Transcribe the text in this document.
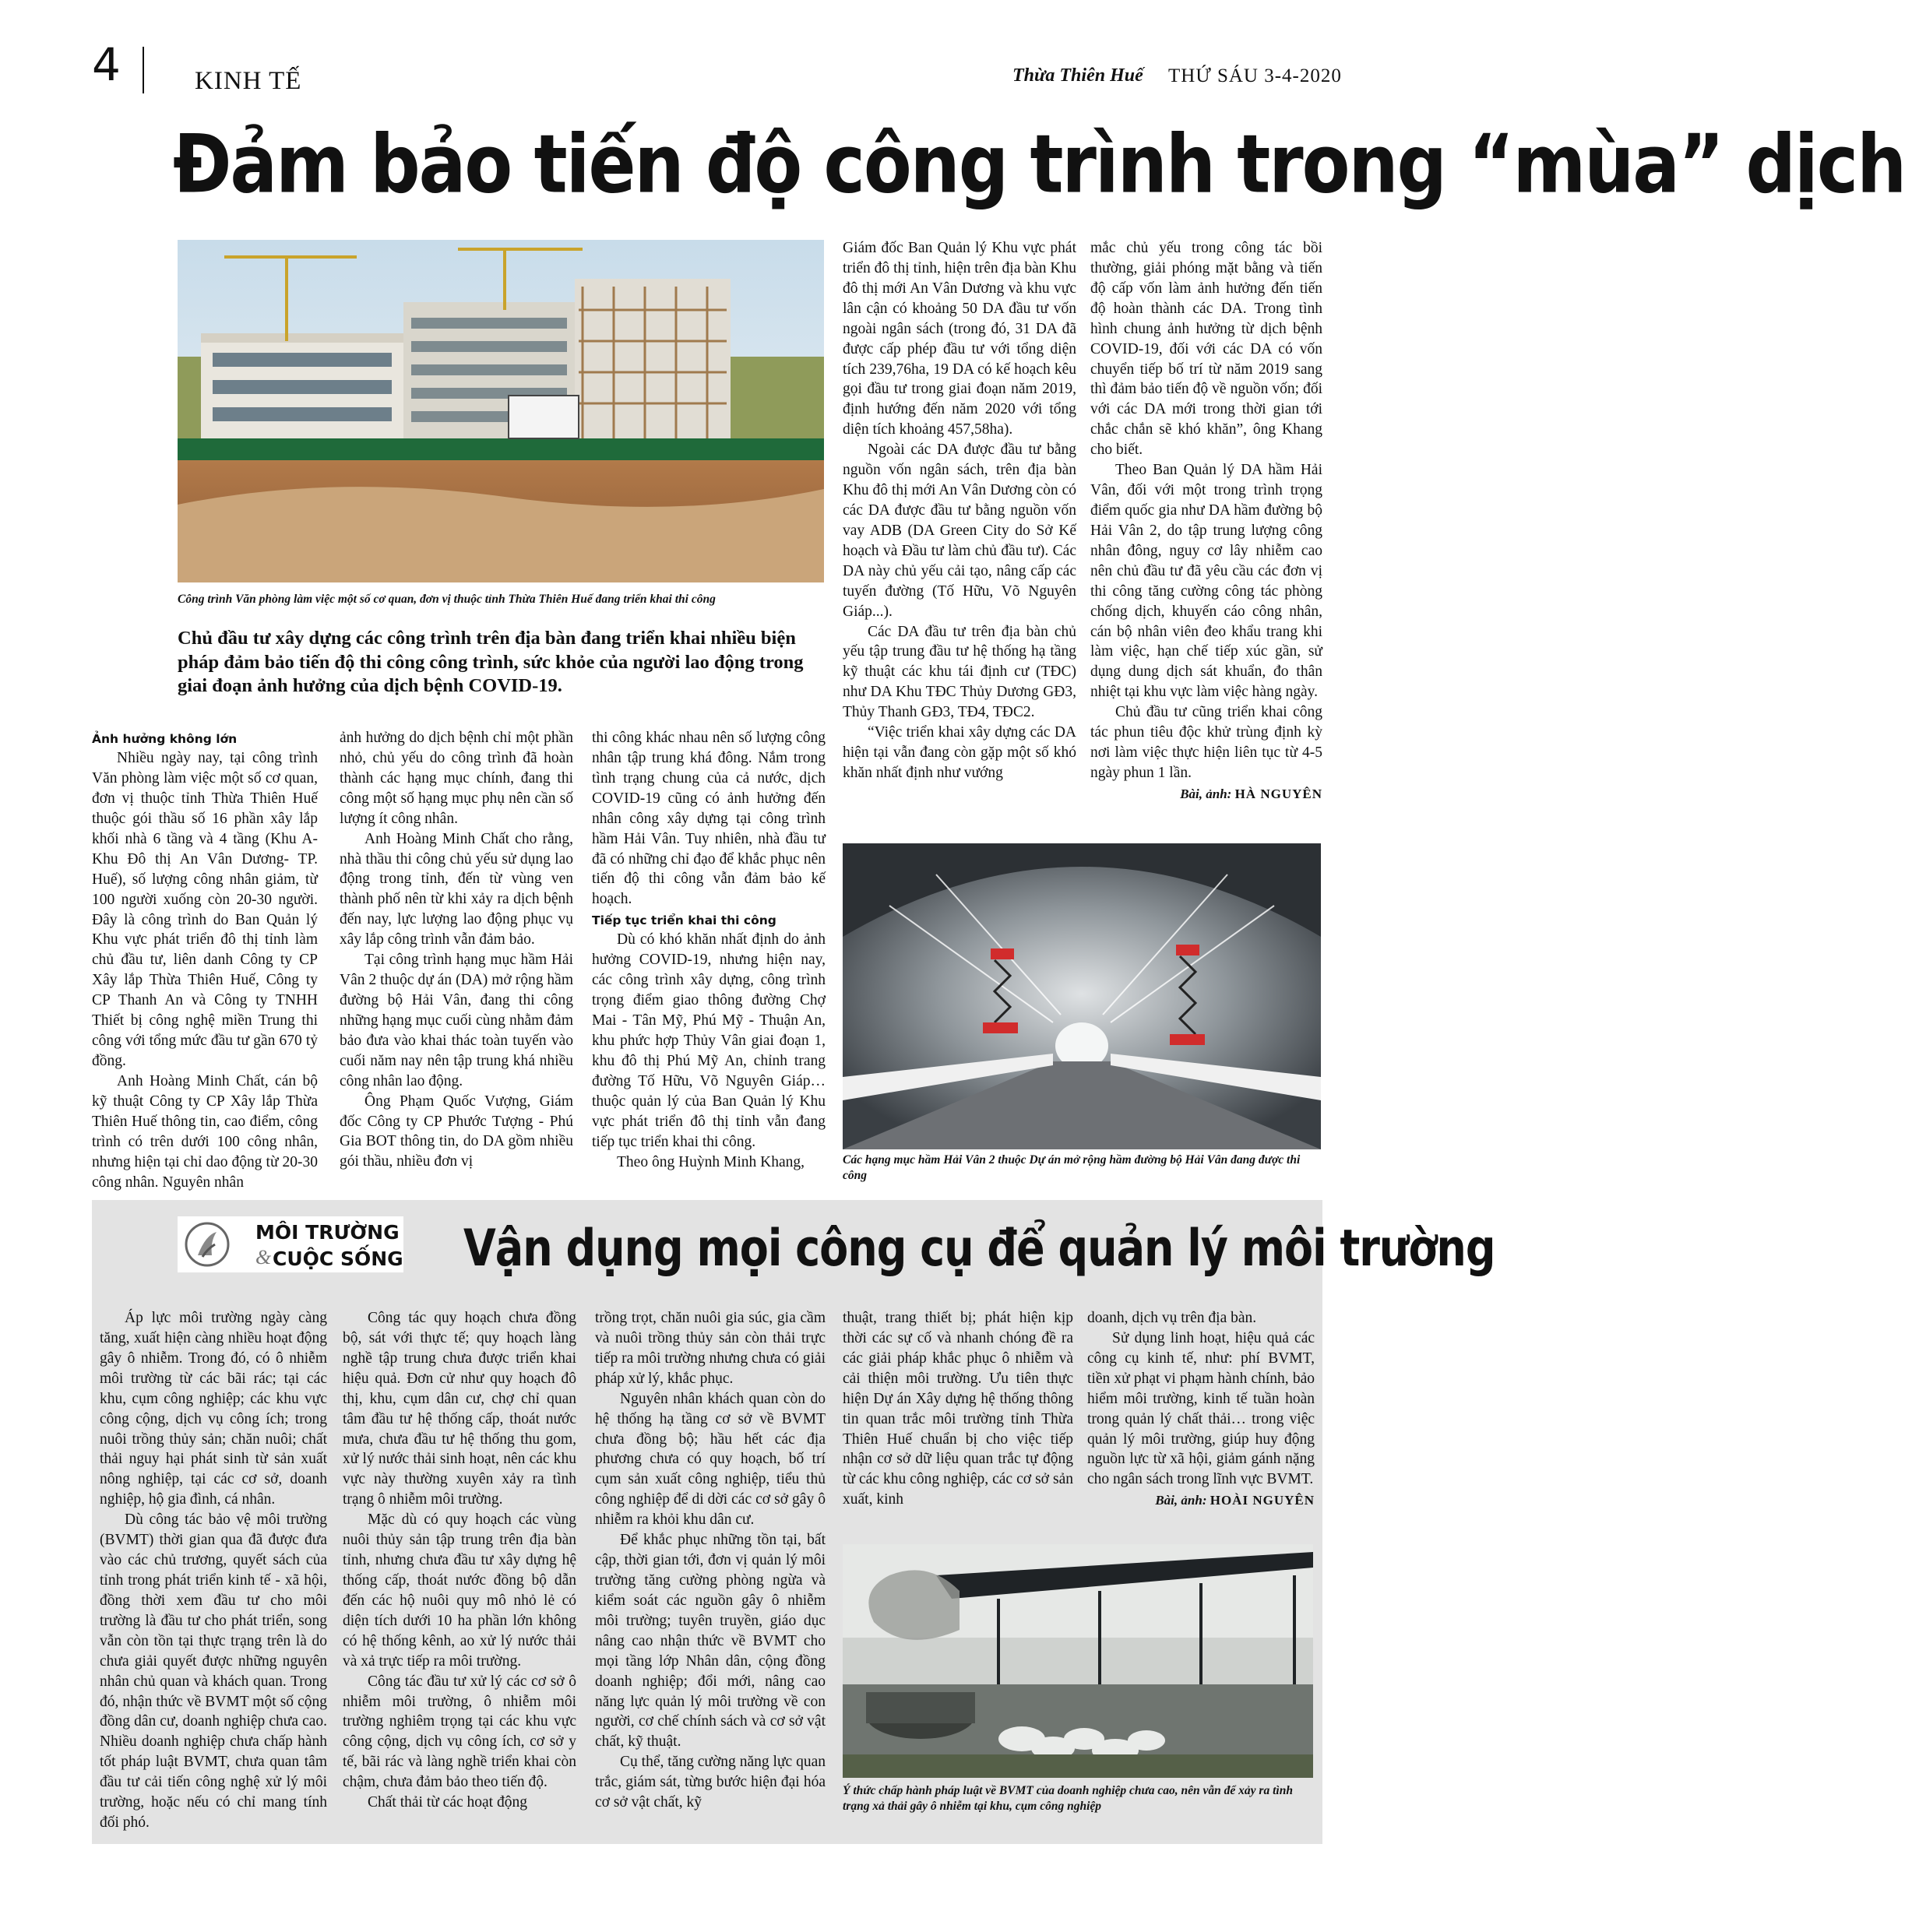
4	KINH TẾ	Thừa Thiên Huế THỨ SÁU 3-4-2020
Đảm bảo tiến độ công trình trong “mùa” dịch
Công trình Văn phòng làm việc một số cơ quan, đơn vị thuộc tỉnh Thừa Thiên Huế đang triển khai thi công
Chủ đầu tư xây dựng các công trình trên địa bàn đang triển khai nhiều biện pháp đảm bảo tiến độ thi công công trình, sức khỏe của người lao động trong giai đoạn ảnh hưởng của dịch bệnh COVID-19.
Ảnh hưởng không lớn

Nhiều ngày nay, tại công trình Văn phòng làm việc một số cơ quan, đơn vị thuộc tỉnh Thừa Thiên Huế thuộc gói thầu số 16 phần xây lắp khối nhà 6 tầng và 4 tầng (Khu A- Khu Đô thị An Vân Dương- TP. Huế), số lượng công nhân giảm, từ 100 người xuống còn 20-30 người. Đây là công trình do Ban Quản lý Khu vực phát triển đô thị tỉnh làm chủ đầu tư, liên danh Công ty CP Xây lắp Thừa Thiên Huế, Công ty CP Thanh An và Công ty TNHH Thiết bị công nghệ miền Trung thi công với tổng mức đầu tư gần 670 tỷ đồng.

Anh Hoàng Minh Chất, cán bộ kỹ thuật Công ty CP Xây lắp Thừa Thiên Huế thông tin, cao điểm, công trình có trên dưới 100 công nhân, nhưng hiện tại chỉ dao động từ 20-30 công nhân. Nguyên nhân

ảnh hưởng do dịch bệnh chỉ một phần nhỏ, chủ yếu do công trình đã hoàn thành các hạng mục chính, đang thi công một số hạng mục phụ nên cần số lượng ít công nhân.

Anh Hoàng Minh Chất cho rằng, nhà thầu thi công chủ yếu sử dụng lao động trong tỉnh, đến từ vùng ven thành phố nên từ khi xảy ra dịch bệnh đến nay, lực lượng lao động phục vụ xây lắp công trình vẫn đảm bảo.

Tại công trình hạng mục hầm Hải Vân 2 thuộc dự án (DA) mở rộng hầm đường bộ Hải Vân, đang thi công những hạng mục cuối cùng nhằm đảm bảo đưa vào khai thác toàn tuyến vào cuối năm nay nên tập trung khá nhiều công nhân lao động.

Ông Phạm Quốc Vượng, Giám đốc Công ty CP Phước Tượng - Phú Gia BOT thông tin, do DA gồm nhiều gói thầu, nhiều đơn vị

thi công khác nhau nên số lượng công nhân tập trung khá đông. Nắm trong tình trạng chung của cả nước, dịch COVID-19 cũng có ảnh hưởng đến nhân công xây dựng tại công trình hầm Hải Vân. Tuy nhiên, nhà đầu tư đã có những chỉ đạo để khắc phục nên tiến độ thi công vẫn đảm bảo kế hoạch.

Tiếp tục triển khai thi công

Dù có khó khăn nhất định do ảnh hưởng COVID-19, nhưng hiện nay, các công trình xây dựng, công trình trọng điểm giao thông đường Chợ Mai - Tân Mỹ, Phú Mỹ - Thuận An, khu phức hợp Thủy Vân giai đoạn 1, khu đô thị Phú Mỹ An, chỉnh trang đường Tố Hữu, Võ Nguyên Giáp… thuộc quản lý của Ban Quản lý Khu vực phát triển đô thị tỉnh vẫn đang tiếp tục triển khai thi công.

Theo ông Huỳnh Minh Khang,

Giám đốc Ban Quản lý Khu vực phát triển đô thị tỉnh, hiện trên địa bàn Khu đô thị mới An Vân Dương và khu vực lân cận có khoảng 50 DA đầu tư vốn ngoài ngân sách (trong đó, 31 DA đã được cấp phép đầu tư với tổng diện tích 239,76ha, 19 DA có kế hoạch kêu gọi đầu tư trong giai đoạn năm 2019, định hướng đến năm 2020 với tổng diện tích khoảng 457,58ha).

Ngoài các DA được đầu tư bằng nguồn vốn ngân sách, trên địa bàn Khu đô thị mới An Vân Dương còn có các DA được đầu tư bằng nguồn vốn vay ADB (DA Green City do Sở Kế hoạch và Đầu tư làm chủ đầu tư). Các DA này chủ yếu cải tạo, nâng cấp các tuyến đường (Tố Hữu, Võ Nguyên Giáp...).

Các DA đầu tư trên địa bàn chủ yếu tập trung đầu tư hệ thống hạ tầng kỹ thuật các khu tái định cư (TĐC) như DA Khu TĐC Thủy Dương GĐ3, Thủy Thanh GĐ3, TĐ4, TĐC2.

“Việc triển khai xây dựng các DA hiện tại vẫn đang còn gặp một số khó khăn nhất định như vướng

mắc chủ yếu trong công tác bồi thường, giải phóng mặt bằng và tiến độ cấp vốn làm ảnh hưởng đến tiến độ hoàn thành các DA. Trong tình hình chung ảnh hưởng từ dịch bệnh COVID-19, đối với các DA có vốn chuyển tiếp bố trí từ năm 2019 sang thì đảm bảo tiến độ về nguồn vốn; đối với các DA mới trong thời gian tới chắc chắn sẽ khó khăn”, ông Khang cho biết.

Theo Ban Quản lý DA hầm Hải Vân, đối với một trong trình trọng điểm quốc gia như DA hầm đường bộ Hải Vân 2, do tập trung lượng công nhân đông, nguy cơ lây nhiễm cao nên chủ đầu tư đã yêu cầu các đơn vị thi công tăng cường công tác phòng chống dịch, khuyến cáo công nhân, cán bộ nhân viên đeo khẩu trang khi làm việc, hạn chế tiếp xúc gần, sử dụng dung dịch sát khuẩn, đo thân nhiệt tại khu vực làm việc hàng ngày.

Chủ đầu tư cũng triển khai công tác phun tiêu độc khử trùng định kỳ nơi làm việc thực hiện liên tục từ 4-5 ngày phun 1 lần.

Bài, ảnh: HÀ NGUYÊN
Các hạng mục hầm Hải Vân 2 thuộc Dự án mở rộng hầm đường bộ Hải Vân đang được thi công
MÔI TRƯỜNG
& CUỘC SỐNG Vận dụng mọi công cụ để quản lý môi trường

Áp lực môi trường ngày càng tăng, xuất hiện càng nhiều hoạt động gây ô nhiễm. Trong đó, có ô nhiễm môi trường từ các bãi rác; tại các khu, cụm công nghiệp; các khu vực công cộng, dịch vụ công ích; trong nuôi trồng thủy sản; chăn nuôi; chất thải nguy hại phát sinh từ sản xuất nông nghiệp, tại các cơ sở, doanh nghiệp, hộ gia đình, cá nhân.

Dù công tác bảo vệ môi trường (BVMT) thời gian qua đã được đưa vào các chủ trương, quyết sách của tỉnh trong phát triển kinh tế - xã hội, đồng thời xem đầu tư cho môi trường là đầu tư cho phát triển, song vẫn còn tồn tại thực trạng trên là do chưa giải quyết được những nguyên nhân chủ quan và khách quan. Trong đó, nhận thức về BVMT một số cộng đồng dân cư, doanh nghiệp chưa cao. Nhiều doanh nghiệp chưa chấp hành tốt pháp luật BVMT, chưa quan tâm đầu tư cải tiến công nghệ xử lý môi trường, hoặc nếu có chỉ mang tính đối phó.

Công tác quy hoạch chưa đồng bộ, sát với thực tế; quy hoạch làng nghề tập trung chưa được triển khai hiệu quả. Đơn cử như quy hoạch đô thị, khu, cụm dân cư, chợ chỉ quan tâm đầu tư hệ thống cấp, thoát nước mưa, chưa đầu tư hệ thống thu gom, xử lý nước thải sinh hoạt, nên các khu vực này thường xuyên xảy ra tình trạng ô nhiễm môi trường.

Mặc dù có quy hoạch các vùng nuôi thủy sản tập trung trên địa bàn tỉnh, nhưng chưa đầu tư xây dựng hệ thống cấp, thoát nước đồng bộ dẫn đến các hộ nuôi quy mô nhỏ lẻ có diện tích dưới 10 ha phần lớn không có hệ thống kênh, ao xử lý nước thải và xả trực tiếp ra môi trường.

Công tác đầu tư xử lý các cơ sở ô nhiễm môi trường, ô nhiễm môi trường nghiêm trọng tại các khu vực công cộng, dịch vụ công ích, cơ sở y tế, bãi rác và làng nghề triển khai còn chậm, chưa đảm bảo theo tiến độ.

Chất thải từ các hoạt động

trồng trọt, chăn nuôi gia súc, gia cầm và nuôi trồng thủy sản còn thải trực tiếp ra môi trường nhưng chưa có giải pháp xử lý, khắc phục.

Nguyên nhân khách quan còn do hệ thống hạ tầng cơ sở về BVMT chưa đồng bộ; hầu hết các địa phương chưa có quy hoạch, bố trí cụm sản xuất công nghiệp, tiểu thủ công nghiệp để di dời các cơ sở gây ô nhiễm ra khỏi khu dân cư.

Để khắc phục những tồn tại, bất cập, thời gian tới, đơn vị quản lý môi trường tăng cường phòng ngừa và kiểm soát các nguồn gây ô nhiễm môi trường; tuyên truyền, giáo dục nâng cao nhận thức về BVMT cho mọi tầng lớp Nhân dân, cộng đồng doanh nghiệp; đổi mới, nâng cao năng lực quản lý môi trường về con người, cơ chế chính sách và cơ sở vật chất, kỹ thuật.

Cụ thể, tăng cường năng lực quan trắc, giám sát, từng bước hiện đại hóa cơ sở vật chất, kỹ

thuật, trang thiết bị; phát hiện kịp thời các sự cố và nhanh chóng đề ra các giải pháp khắc phục ô nhiễm và cải thiện môi trường. Ưu tiên thực hiện Dự án Xây dựng hệ thống thông tin quan trắc môi trường tỉnh Thừa Thiên Huế chuẩn bị cho việc tiếp nhận cơ sở dữ liệu quan trắc tự động từ các khu công nghiệp, các cơ sở sản xuất, kinh

doanh, dịch vụ trên địa bàn.

Sử dụng linh hoạt, hiệu quả các công cụ kinh tế, như: phí BVMT, tiền xử phạt vi phạm hành chính, bảo hiểm môi trường, kinh tế tuần hoàn trong quản lý chất thải… trong việc quản lý môi trường, giúp huy động nguồn lực từ xã hội, giảm gánh nặng cho ngân sách trong lĩnh vực BVMT.

Bài, ảnh: HOÀI NGUYÊN
Ý thức chấp hành pháp luật về BVMT của doanh nghiệp chưa cao, nên vẫn để xảy ra tình trạng xả thải gây ô nhiễm tại khu, cụm công nghiệp
